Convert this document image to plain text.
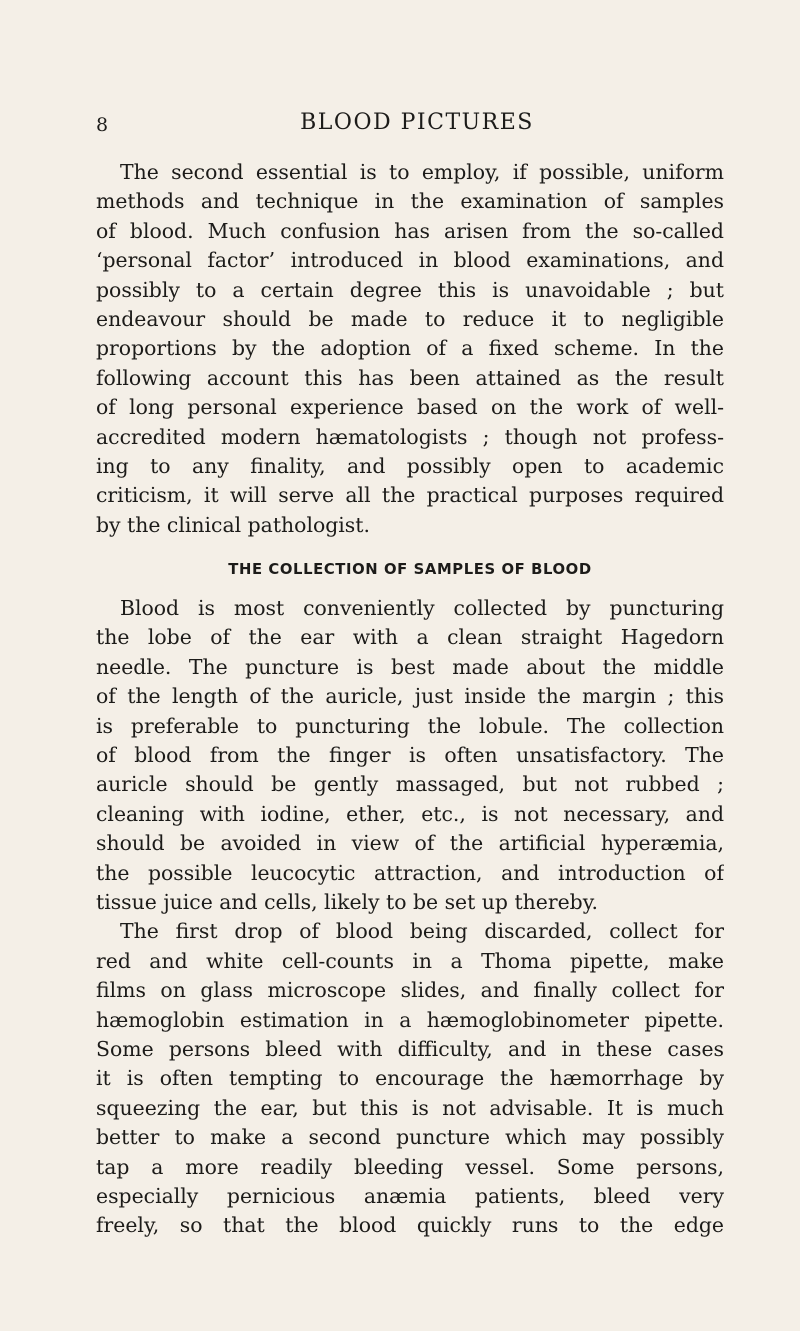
8	BLOOD PICTURES
The second essential is to employ, if possible, uniform
methods and technique in the examination of samples
of blood. Much confusion has arisen from the so-called
‘personal factor’ introduced in blood examinations, and
possibly to a certain degree this is unavoidable ; but
endeavour should be made to reduce it to negligible
proportions by the adoption of a fixed scheme. In the
following account this has been attained as the result
of long personal experience based on the work of well-
accredited modern hæmatologists ; though not profess-
ing to any finality, and possibly open to academic
criticism, it will serve all the practical purposes required
by the clinical pathologist.
THE COLLECTION OF SAMPLES OF BLOOD
Blood is most conveniently collected by puncturing
the lobe of the ear with a clean straight Hagedorn
needle. The puncture is best made about the middle
of the length of the auricle, just inside the margin ; this
is preferable to puncturing the lobule. The collection
of blood from the finger is often unsatisfactory. The
auricle should be gently massaged, but not rubbed ;
cleaning with iodine, ether, etc., is not necessary, and
should be avoided in view of the artificial hyperæmia,
the possible leucocytic attraction, and introduction of
tissue juice and cells, likely to be set up thereby.
The first drop of blood being discarded, collect for
red and white cell-counts in a Thoma pipette, make
films on glass microscope slides, and finally collect for
hæmoglobin estimation in a hæmoglobinometer pipette.
Some persons bleed with difficulty, and in these cases
it is often tempting to encourage the hæmorrhage by
squeezing the ear, but this is not advisable. It is much
better to make a second puncture which may possibly
tap a more readily bleeding vessel. Some persons,
especially pernicious anæmia patients, bleed very
freely, so that the blood quickly runs to the edge
